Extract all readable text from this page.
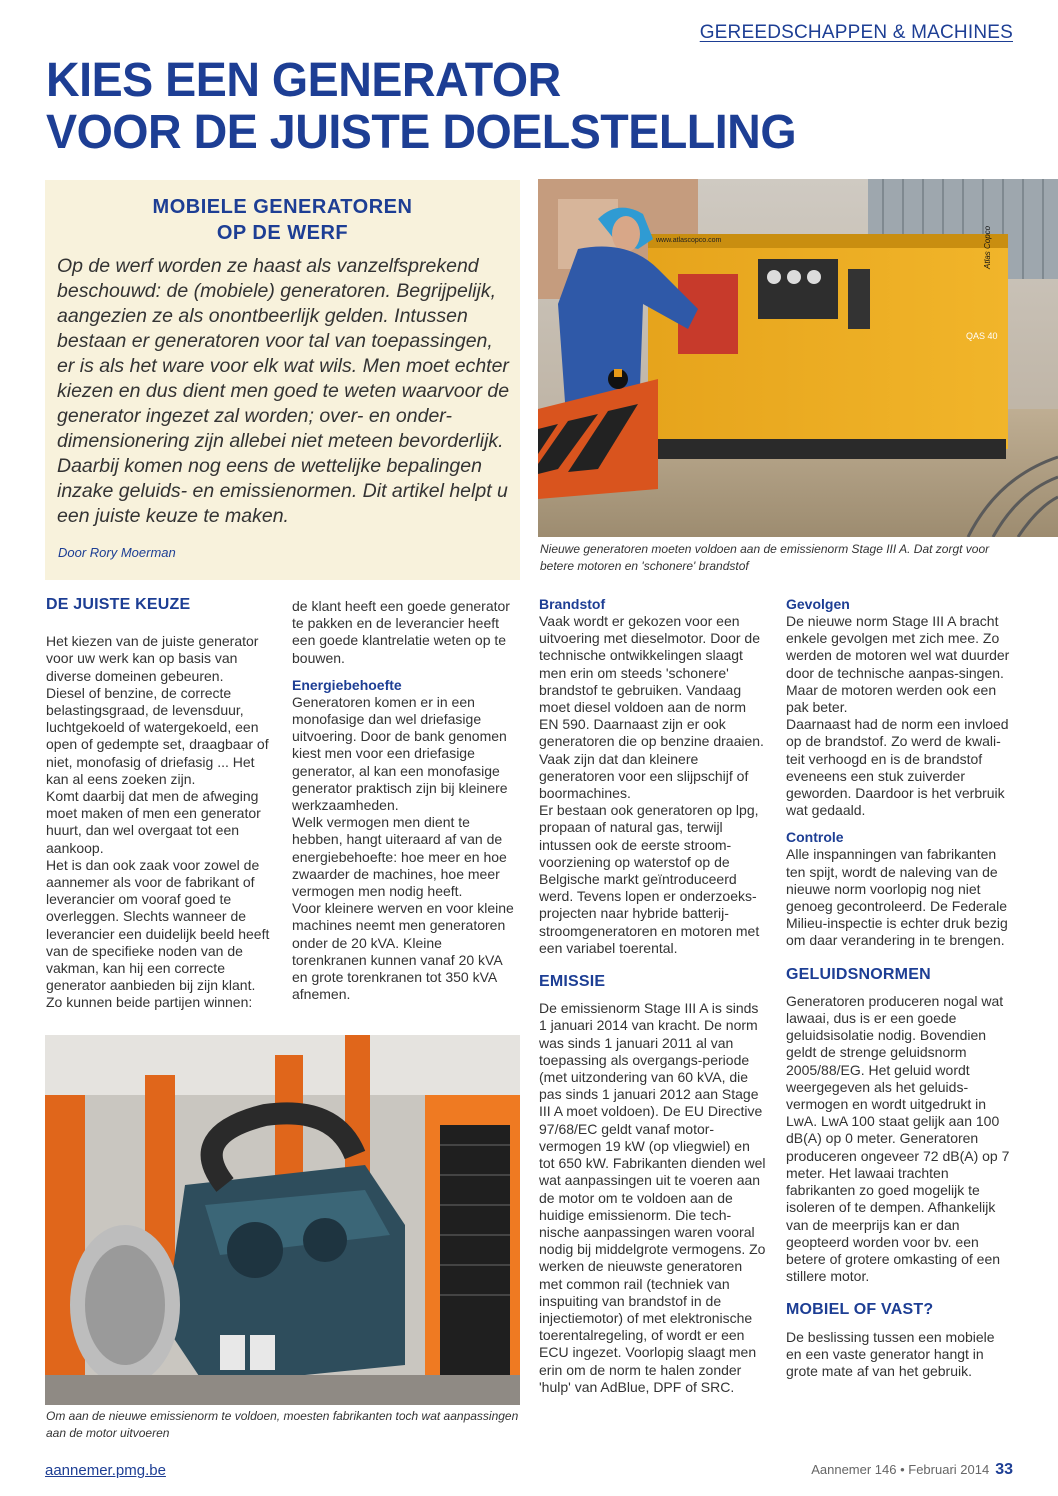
GEREEDSCHAPPEN & MACHINES
KIES EEN GENERATOR
VOOR DE JUISTE DOELSTELLING
MOBIELE GENERATOREN
OP DE WERF
Op de werf worden ze haast als vanzelfsprekend beschouwd: de (mobiele) generatoren. Begrijpelijk, aangezien ze als onontbeerlijk gelden. Intussen bestaan er generatoren voor tal van toepassingen, er is als het ware voor elk wat wils. Men moet echter kiezen en dus dient men goed te weten waarvoor de generator ingezet zal worden; over- en onder-dimensionering zijn allebei niet meteen bevorderlijk. Daarbij komen nog eens de wettelijke bepalingen inzake geluids- en emissienormen. Dit artikel helpt u een juiste keuze te maken.
Door Rory Moerman
www.atlascopco.com	Atlas Copco
QAS 40
Nieuwe generatoren moeten voldoen aan de emissienorm Stage III A. Dat zorgt voor betere motoren en 'schonere' brandstof
DE JUISTE KEUZE

Het kiezen van de juiste generator voor uw werk kan op basis van diverse domeinen gebeuren.

Diesel of benzine, de correcte belastingsgraad, de levensduur, luchtgekoeld of watergekoeld, een open of gedempte set, draagbaar of niet, monofasig of driefasig ... Het kan al eens zoeken zijn.

Komt daarbij dat men de afweging moet maken of men een generator huurt, dan wel overgaat tot een aankoop.

Het is dan ook zaak voor zowel de aannemer als voor de fabrikant of leverancier om vooraf goed te overleggen. Slechts wanneer de leverancier een duidelijk beeld heeft van de specifieke noden van de vakman, kan hij een correcte generator aanbieden bij zijn klant. Zo kunnen beide partijen winnen:

de klant heeft een goede generator te pakken en de leverancier heeft een goede klantrelatie weten op te bouwen.

Energiebehoefte

Generatoren komen er in een monofasige dan wel driefasige uitvoering. Door de bank genomen kiest men voor een driefasige generator, al kan een monofasige generator praktisch zijn bij kleinere werkzaamheden.

Welk vermogen men dient te hebben, hangt uiteraard af van de energiebehoefte: hoe meer en hoe zwaarder de machines, hoe meer vermogen men nodig heeft.

Voor kleinere werven en voor kleine machines neemt men generatoren onder de 20 kVA. Kleine torenkranen kunnen vanaf 20 kVA en grote torenkranen tot 350 kVA afnemen.

Om aan de nieuwe emissienorm te voldoen, moesten fabrikanten toch wat aanpassingen aan de motor uitvoeren
Brandstof

Vaak wordt er gekozen voor een uitvoering met dieselmotor. Door de technische ontwikkelingen slaagt men erin om steeds 'schonere' brandstof te gebruiken. Vandaag moet diesel voldoen aan de norm EN 590. Daarnaast zijn er ook generatoren die op benzine draaien. Vaak zijn dat dan kleinere generatoren voor een slijpschijf of boormachines.

Er bestaan ook generatoren op lpg, propaan of natural gas, terwijl intussen ook de eerste stroom-voorziening op waterstof op de Belgische markt geïntroduceerd werd. Tevens lopen er onderzoeks-projecten naar hybride batterij-stroomgeneratoren en motoren met een variabel toerental.

EMISSIE

De emissienorm Stage III A is sinds 1 januari 2014 van kracht. De norm was sinds 1 januari 2011 al van toepassing als overgangs-periode (met uitzondering van 60 kVA, die pas sinds 1 januari 2012 aan Stage III A moet voldoen). De EU Directive 97/68/EC geldt vanaf motor-vermogen 19 kW (op vliegwiel) en tot 650 kW. Fabrikanten dienden wel wat aanpassingen uit te voeren aan de motor om te voldoen aan de huidige emissienorm. Die tech-nische aanpassingen waren vooral nodig bij middelgrote vermogens. Zo werken de nieuwste generatoren met common rail (techniek van inspuiting van brandstof in de injectiemotor) of met elektronische toerentalregeling, of wordt er een ECU ingezet. Voorlopig slaagt men erin om de norm te halen zonder 'hulp' van AdBlue, DPF of SRC.

Gevolgen

De nieuwe norm Stage III A bracht enkele gevolgen met zich mee. Zo werden de motoren wel wat duurder door de technische aanpas-singen. Maar de motoren werden ook een pak beter.

Daarnaast had de norm een invloed op de brandstof. Zo werd de kwali-teit verhoogd en is de brandstof eveneens een stuk zuiverder geworden. Daardoor is het verbruik wat gedaald.

Controle

Alle inspanningen van fabrikanten ten spijt, wordt de naleving van de nieuwe norm voorlopig nog niet genoeg gecontroleerd. De Federale Milieu-inspectie is echter druk bezig om daar verandering in te brengen.

GELUIDSNORMEN

Generatoren produceren nogal wat lawaai, dus is er een goede geluidsisolatie nodig. Bovendien geldt de strenge geluidsnorm 2005/88/EG. Het geluid wordt weergegeven als het geluids-vermogen en wordt uitgedrukt in LwA. LwA 100 staat gelijk aan 100 dB(A) op 0 meter. Generatoren produceren ongeveer 72 dB(A) op 7 meter. Het lawaai trachten fabrikanten zo goed mogelijk te isoleren of te dempen. Afhankelijk van de meerprijs kan er dan geopteerd worden voor bv. een betere of grotere omkasting of een stillere motor.

MOBIEL OF VAST?

De beslissing tussen een mobiele en een vaste generator hangt in grote mate af van het gebruik.

aannemer.pmg.be	Aannemer 146 • Februari 2014 33
